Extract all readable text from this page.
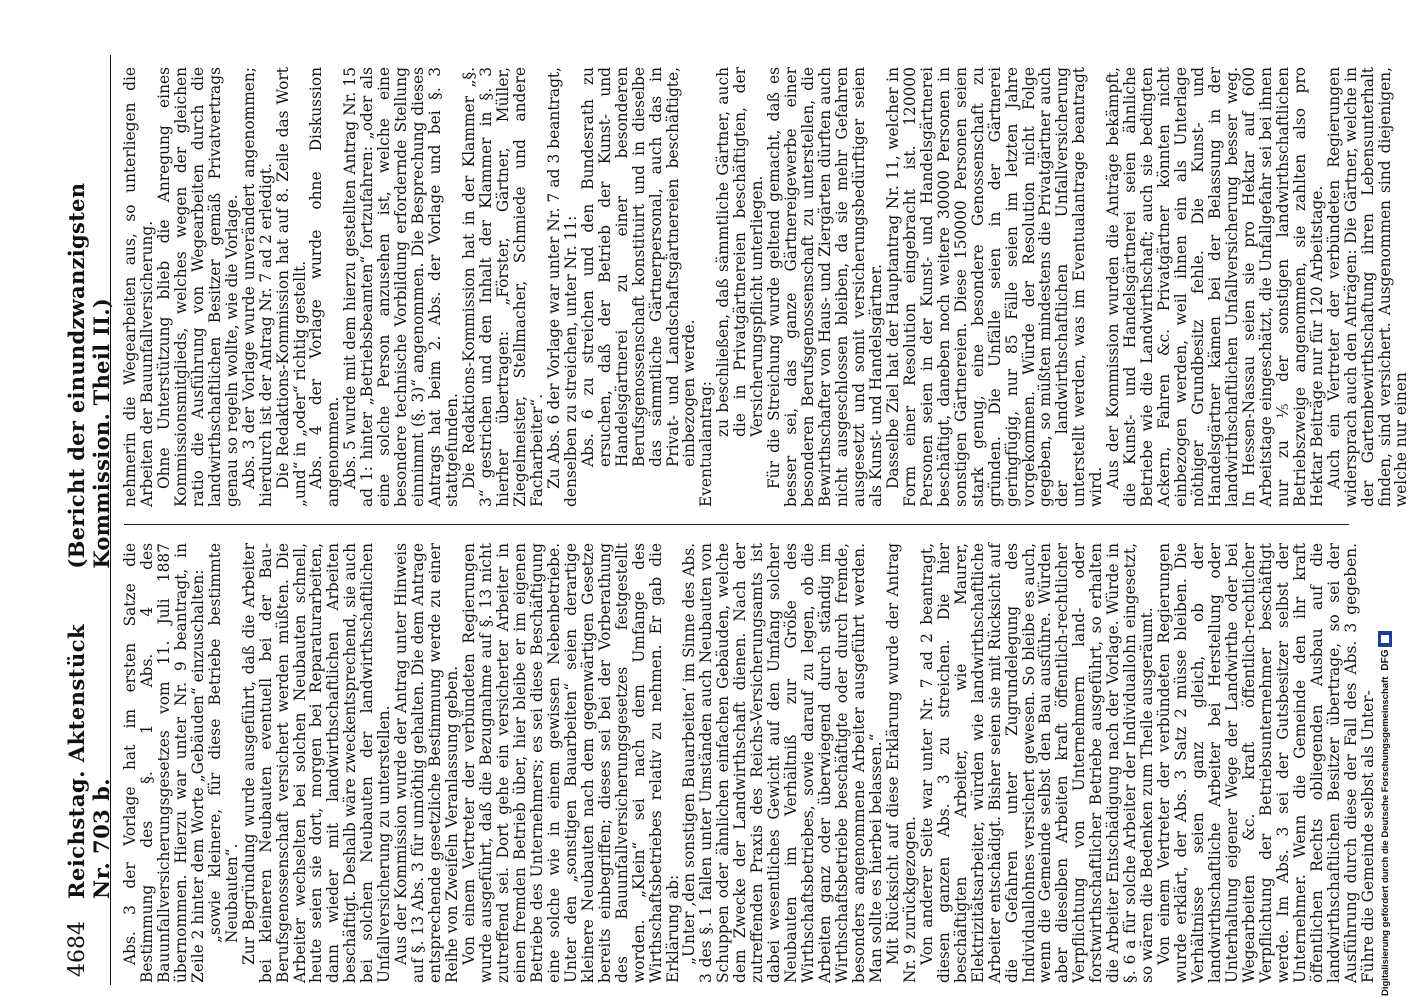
4684
Reichstag. Aktenstück Nr. 703 b.
(Bericht der einundzwanzigsten Kommission. Theil II.)

Abs. 3 der Vorlage hat im ersten Satze die Bestimmung des §. 1 Abs. 4 des Bauunfallversicherungsgesetzes vom 11. Juli 1887 übernommen. Hierzu war unter Nr. 9 beantragt, in Zeile 2 hinter dem Worte „Gebäuden“ einzuschalten:

„sowie kleinere, für diese Betriebe bestimmte Neubauten“.

Zur Begründung wurde ausgeführt, daß die Arbeiter bei kleineren Neubauten eventuell bei der Bau-Berufsgenossenschaft versichert werden müßten. Die Arbeiter wechselten bei solchen Neubauten schnell, heute seien sie dort, morgen bei Reparaturarbeiten, dann wieder mit landwirthschaftlichen Arbeiten beschäftigt. Deshalb wäre zweckentsprechend, sie auch bei solchen Neubauten der landwirthschaftlichen Unfallversicherung zu unterstellen.

Aus der Kommission wurde der Antrag unter Hinweis auf §. 13 Abs. 3 für unnöthig gehalten. Die dem Antrage entsprechende gesetzliche Bestimmung werde zu einer Reihe von Zweifeln Veranlassung geben.

Von einem Vertreter der verbündeten Regierungen wurde ausgeführt, daß die Bezugnahme auf §. 13 nicht zutreffend sei. Dort gehe ein versicherter Arbeiter in einen fremden Betrieb über, hier bleibe er im eigenen Betriebe des Unternehmers; es sei diese Beschäftigung eine solche wie in einem gewissen Nebenbetriebe. Unter den „sonstigen Bauarbeiten“ seien derartige kleinere Neubauten nach dem gegenwärtigen Gesetze bereits einbegriffen; dieses sei bei der Vorberathung des Bauunfallversicherungsgesetzes festgestellt worden. „Klein“ sei nach dem Umfange des Wirthschaftsbetriebes relativ zu nehmen. Er gab die Erklärung ab:

„Unter ‚den sonstigen Bauarbeiten‘ im Sinne des Abs. 3 des §. 1 fallen unter Umständen auch Neubauten von Schuppen oder ähnlichen einfachen Gebäuden, welche dem Zwecke der Landwirthschaft dienen. Nach der zutreffenden Praxis des Reichs-Versicherungsamts ist dabei wesentliches Gewicht auf den Umfang solcher Neubauten im Verhältniß zur Größe des Wirthschaftsbetriebes, sowie darauf zu legen, ob die Arbeiten ganz oder überwiegend durch ständig im Wirthschaftsbetriebe beschäftigte oder durch fremde, besonders angenommene Arbeiter ausgeführt werden. Man sollte es hierbei belassen.“

Mit Rücksicht auf diese Erklärung wurde der Antrag Nr. 9 zurückgezogen.

Von anderer Seite war unter Nr. 7 ad 2 beantragt, diesen ganzen Abs. 3 zu streichen. Die hier beschäftigten Arbeiter, wie Maurer, Elektrizitätsarbeiter, würden wie landwirthschaftliche Arbeiter entschädigt. Bisher seien sie mit Rücksicht auf die Gefahren unter Zugrundelegung des Individuallohnes versichert gewesen. So bleibe es auch, wenn die Gemeinde selbst den Bau ausführe. Würden aber dieselben Arbeiten kraft öffentlich-rechtlicher Verpflichtung von Unternehmern land- oder forstwirthschaftlicher Betriebe ausgeführt, so erhalten die Arbeiter Entschädigung nach der Vorlage. Würde in §. 6 a für solche Arbeiter der Individuallohn eingesetzt, so wären die Bedenken zum Theile ausgeräumt.

Von einem Vertreter der verbündeten Regierungen wurde erklärt, der Abs. 3 Satz 2 müsse bleiben. Die Verhältnisse seien ganz gleich, ob der landwirthschaftliche Arbeiter bei Herstellung oder Unterhaltung eigener Wege der Landwirthe oder bei Wegearbeiten &c. kraft öffentlich-rechtlicher Verpflichtung der Betriebsunternehmer beschäftigt werde. Im Abs. 3 sei der Gutsbesitzer selbst der Unternehmer. Wenn die Gemeinde den ihr kraft öffentlichen Rechts obliegenden Ausbau auf die landwirthschaftlichen Besitzer übertrage, so sei der Ausführung durch diese der Fall des Abs. 3 gegeben. Führe die Gemeinde selbst als Unter-

nehmerin die Wegearbeiten aus, so unterliegen die Arbeiten der Bauunfallversicherung.

Ohne Unterstützung blieb die Anregung eines Kommissionsmitglieds, welches wegen der gleichen ratio die Ausführung von Wegearbeiten durch die landwirthschaftlichen Besitzer gemäß Privatvertrags genau so regeln wollte, wie die Vorlage.

Abs. 3 der Vorlage wurde unverändert angenommen; hierdurch ist der Antrag Nr. 7 ad 2 erledigt.

Die Redaktions-Kommission hat auf 8. Zeile das Wort „und“ in „oder“ richtig gestellt.

Abs. 4 der Vorlage wurde ohne Diskussion angenommen.

Abs. 5 wurde mit dem hierzu gestellten Antrag Nr. 15 ad 1: hinter „Betriebsbeamten“ fortzufahren: „oder als eine solche Person anzusehen ist, welche eine besondere technische Vorbildung erfordernde Stellung einnimmt (§. 3)“ angenommen. Die Besprechung dieses Antrags hat beim 2. Abs. der Vorlage und bei §. 3 stattgefunden.

Die Redaktions-Kommission hat in der Klammer „§. 3“ gestrichen und den Inhalt der Klammer in §. 3 hierher übertragen: „Förster, Gärtner, Müller, Ziegelmeister, Stellmacher, Schmiede und andere Facharbeiter“.

Zu Abs. 6 der Vorlage war unter Nr. 7 ad 3 beantragt, denselben zu streichen, unter Nr. 11:

Abs. 6 zu streichen und den Bundesrath zu ersuchen, daß der Betrieb der Kunst- und Handelsgärtnerei zu einer besonderen Berufsgenossenschaft konstituirt und in dieselbe das sämmtliche Gärtnerpersonal, auch das in Privat- und Landschaftsgärtnereien beschäftigte, einbezogen werde.

Eventualantrag:

zu beschließen, daß sämmtliche Gärtner, auch die in Privatgärtnereien beschäftigten, der Versicherungspflicht unterliegen.

Für die Streichung wurde geltend gemacht, daß es besser sei, das ganze Gärtnereigewerbe einer besonderen Berufsgenossenschaft zu unterstellen, die Bewirthschafter von Haus- und Ziergärten dürften auch nicht ausgeschlossen bleiben, da sie mehr Gefahren ausgesetzt und somit versicherungsbedürftiger seien als Kunst- und Handelsgärtner.

Dasselbe Ziel hat der Hauptantrag Nr. 11, welcher in Form einer Resolution eingebracht ist. 120000 Personen seien in der Kunst- und Handelsgärtnerei beschäftigt, daneben noch weitere 30000 Personen in sonstigen Gärtnereien. Diese 150000 Personen seien stark genug, eine besondere Genossenschaft zu gründen. Die Unfälle seien in der Gärtnerei geringfügig, nur 85 Fälle seien im letzten Jahre vorgekommen. Würde der Resolution nicht Folge gegeben, so müßten mindestens die Privatgärtner auch der landwirthschaftlichen Unfallversicherung unterstellt werden, was im Eventualantrage beantragt wird.

Aus der Kommission wurden die Anträge bekämpft, die Kunst- und Handelsgärtnerei seien ähnliche Betriebe wie die Landwirthschaft; auch sie bedingten Ackern, Fahren &c. Privatgärtner könnten nicht einbezogen werden, weil ihnen ein als Unterlage nöthiger Grundbesitz fehle. Die Kunst- und Handelsgärtner kämen bei der Belassung in der landwirthschaftlichen Unfallversicherung besser weg. In Hessen-Nassau seien sie pro Hektar auf 600 Arbeitstage eingeschätzt, die Unfallgefahr sei bei ihnen nur zu ⅕ der sonstigen landwirthschaftlichen Betriebszweige angenommen, sie zahlten also pro Hektar Beiträge nur für 120 Arbeitstage.

Auch ein Vertreter der verbündeten Regierungen widersprach auch den Anträgen: Die Gärtner, welche in der Gartenbewirthschaftung ihren Lebensunterhalt finden, sind versichert. Ausgenommen sind diejenigen, welche nur einen

Digitalisierung gefördert durch die Deutsche Forschungsgemeinschaft
DFG
